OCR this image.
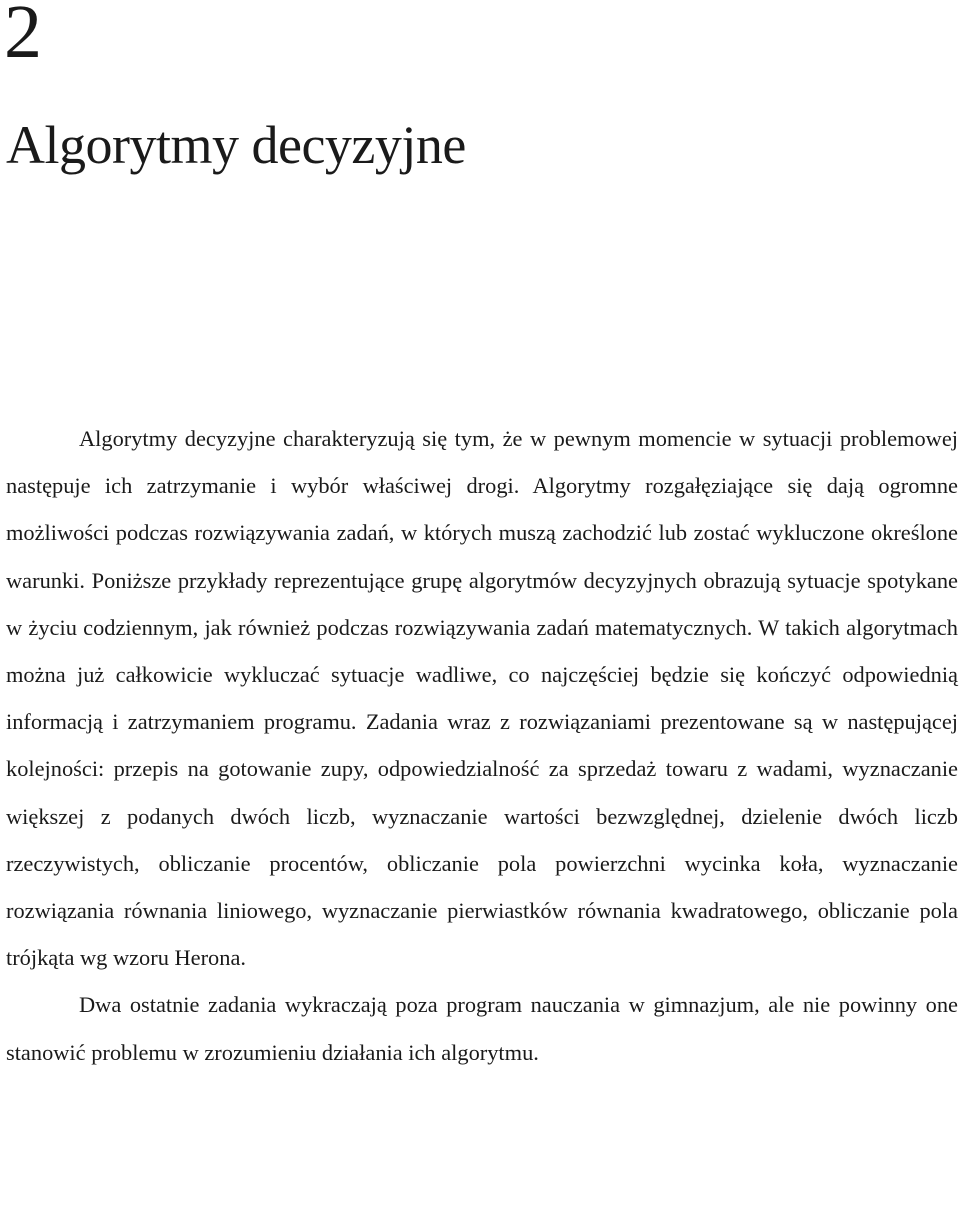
2
Algorytmy decyzyjne

Algorytmy decyzyjne charakteryzują się tym, że w pewnym momencie w sytuacji problemowej następuje ich zatrzymanie i wybór właściwej drogi. Algorytmy rozgałęziające się dają ogromne możliwości podczas rozwiązywania zadań, w których muszą zachodzić lub zostać wykluczone określone warunki. Poniższe przykłady reprezentujące grupę algorytmów decyzyjnych obrazują sytuacje spotykane w życiu codziennym, jak również podczas rozwiązywania zadań matematycznych. W takich algorytmach można już całkowicie wykluczać sytuacje wadliwe, co najczęściej będzie się kończyć odpowiednią informacją i zatrzymaniem programu. Zadania wraz z rozwiązaniami prezentowane są w następującej kolejności: przepis na gotowanie zupy, odpowiedzialność za sprzedaż towaru z wadami, wyznaczanie większej z podanych dwóch liczb, wyznaczanie wartości bezwzględnej, dzielenie dwóch liczb rzeczywistych, obliczanie procentów, obliczanie pola powierzchni wycinka koła, wyznaczanie rozwiązania równania liniowego, wyznaczanie pierwiastków równania kwadratowego, obliczanie pola trójkąta wg wzoru Herona.

Dwa ostatnie zadania wykraczają poza program nauczania w gimnazjum, ale nie powinny one stanowić problemu w zrozumieniu działania ich algorytmu.
